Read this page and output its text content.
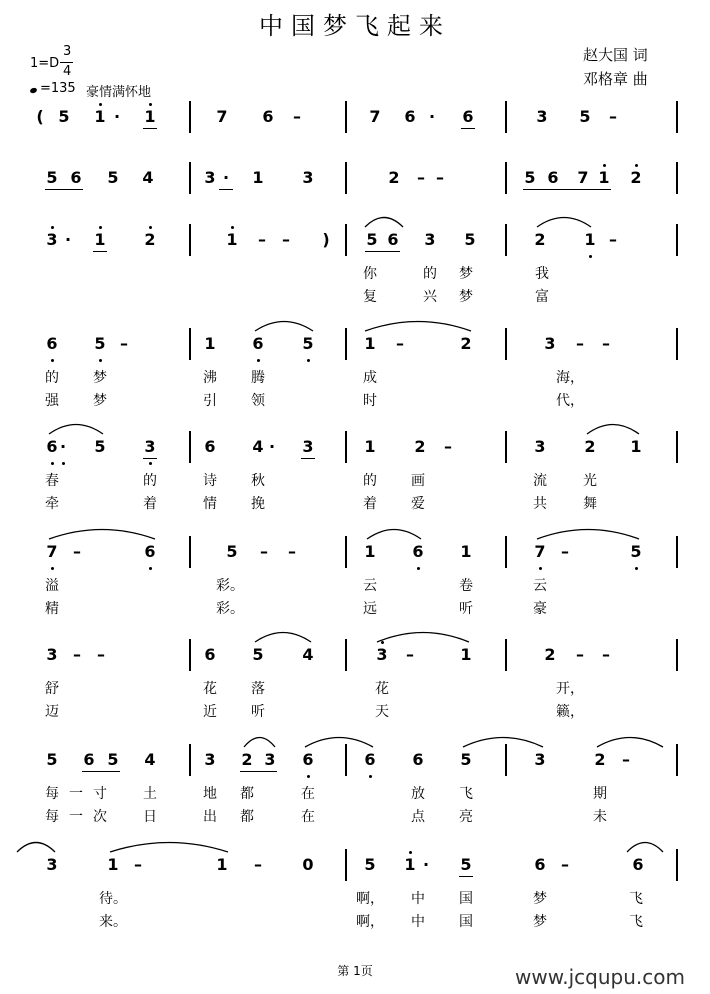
中国梦飞起来
1=D
3
4
=135 豪情满怀地
赵大国 词
邓格章 曲
( 5 1 · 1	7 6 –	7 6 · 6	3 5 –
5 6 5 4	3 · 1 3	2 – –	5 6 7 1 2
3 · 1 2	1 – – ) 5 6 3 5	2 1 –
你	的 梦	我
复	兴 梦	富
6 5 –	1 6 5	1 –	2	3 – –
的 梦	沸 腾	成	海，
强 梦	引 领	时	代，
6 · 5 3	6 4 · 3	1 2 –	3 2 1
春	的	诗 秋	的 画	流	光
牵	着	情 挽	着 爱	共	舞
7 –	6	5 – –	1 6 1	7 –	5
溢	彩。	云	卷	云
精	彩。	远	听	豪
3 – –	6 5 4	3 –	1	2 – –
舒	花 落	花	开，
迈	近 听	天	籁，
5 6 5 4	3 2 3 6	6 6 5	3	2 –
每 一 寸	土	地 都	在	放 飞	期
每 一 次	日	出 都	在	点 亮	未
3	1 –	1 –	0	5 1 · 5	6 –	6
待。	啊， 中 国	梦	飞
来。	啊， 中 国	梦	飞
第 1页	www.jcqupu.com
